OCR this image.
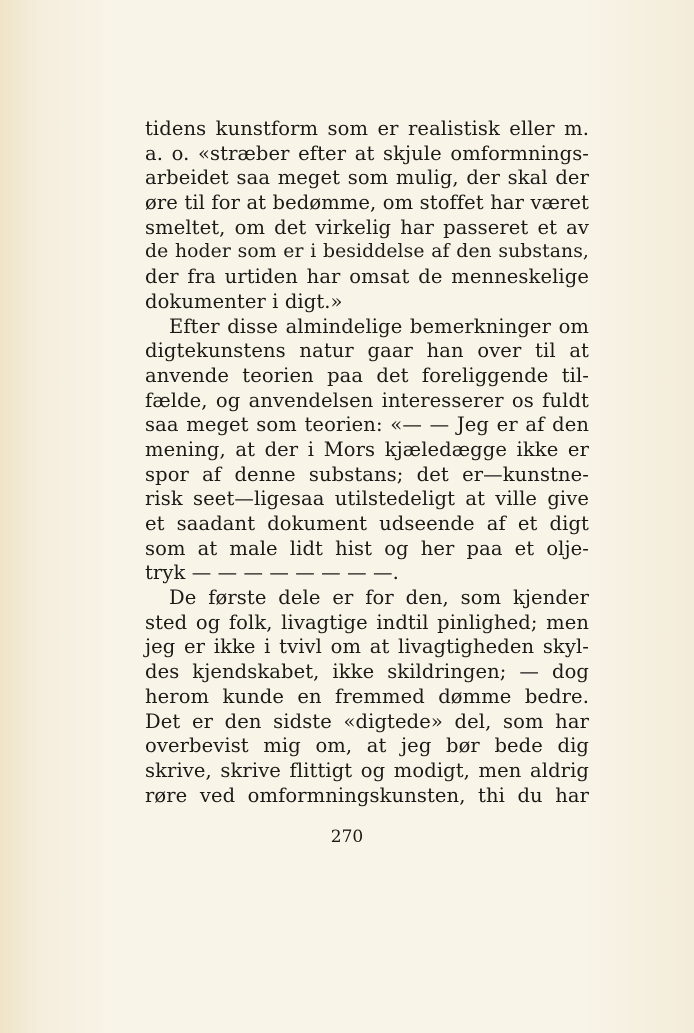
tidens kunstform som er realistisk eller m.
a. o. «stræber efter at skjule omformnings-
arbeidet saa meget som mulig, der skal der
øre til for at bedømme, om stoffet har været
smeltet, om det virkelig har passeret et av
de hoder som er i besiddelse af den substans,
der fra urtiden har omsat de menneskelige
dokumenter i digt.»
Efter disse almindelige bemerkninger om
digtekunstens natur gaar han over til at
anvende teorien paa det foreliggende til-
fælde, og anvendelsen interesserer os fuldt
saa meget som teorien: «— — Jeg er af den
mening, at der i Mors kjæledægge ikke er
spor af denne substans; det er—kunstne-
risk seet—ligesaa utilstedeligt at ville give
et saadant dokument udseende af et digt
som at male lidt hist og her paa et olje-
tryk — — — — — — — —.
De første dele er for den, som kjender
sted og folk, livagtige indtil pinlighed; men
jeg er ikke i tvivl om at livagtigheden skyl-
des kjendskabet, ikke skildringen; — dog
herom kunde en fremmed dømme bedre.
Det er den sidste «digtede» del, som har
overbevist mig om, at jeg bør bede dig
skrive, skrive flittigt og modigt, men aldrig
røre ved omformningskunsten, thi du har
270
